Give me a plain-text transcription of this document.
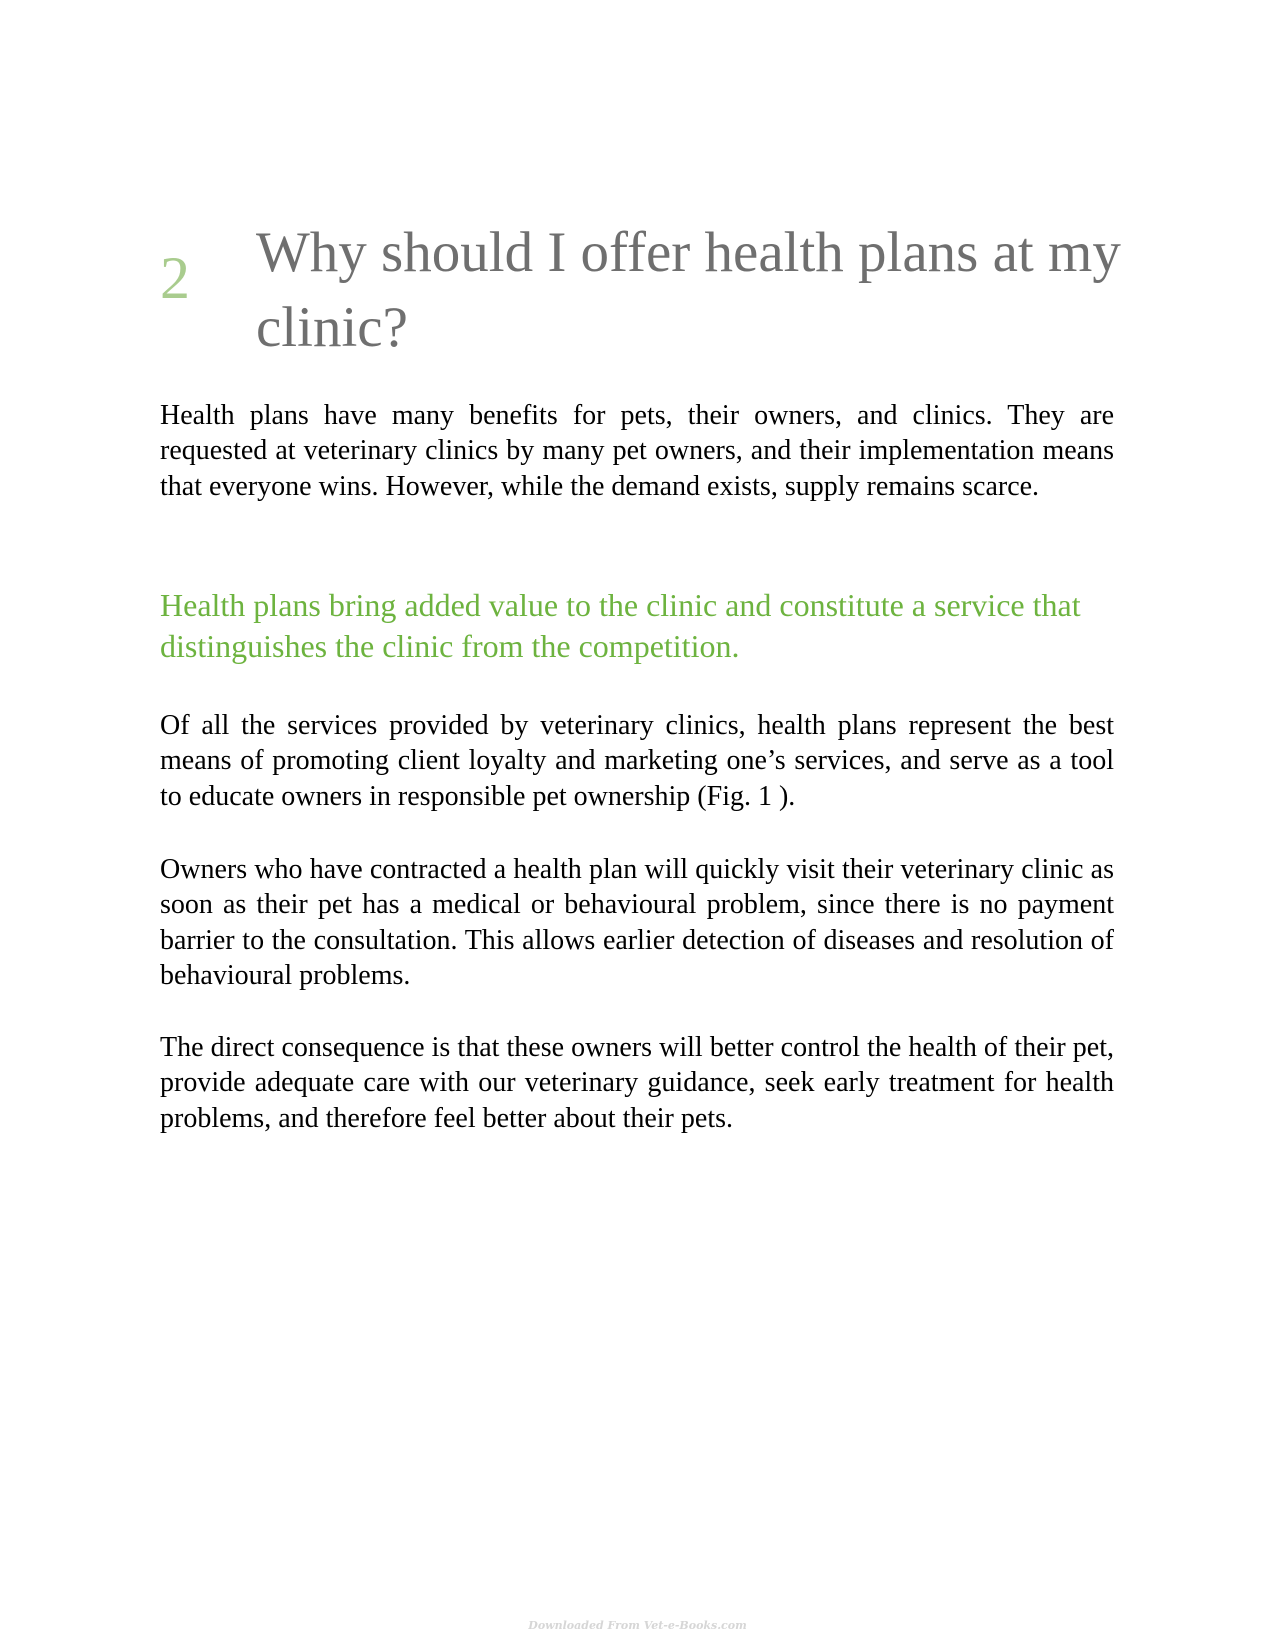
2 Why should I offer health plans at my clinic?

Health plans have many benefits for pets, their owners, and clinics. They are requested at veterinary clinics by many pet owners, and their implementation means that everyone wins. However, while the demand exists, supply remains scarce.

Health plans bring added value to the clinic and constitute a service that distinguishes the clinic from the competition.

Of all the services provided by veterinary clinics, health plans represent the best means of promoting client loyalty and marketing one’s services, and serve as a tool to educate owners in responsible pet ownership (Fig. 1 ).

Owners who have contracted a health plan will quickly visit their veterinary clinic as soon as their pet has a medical or behavioural problem, since there is no payment barrier to the consultation. This allows earlier detection of diseases and resolution of behavioural problems.

The direct consequence is that these owners will better control the health of their pet, provide adequate care with our veterinary guidance, seek early treatment for health problems, and therefore feel better about their pets.

Downloaded From Vet-e-Books.com
